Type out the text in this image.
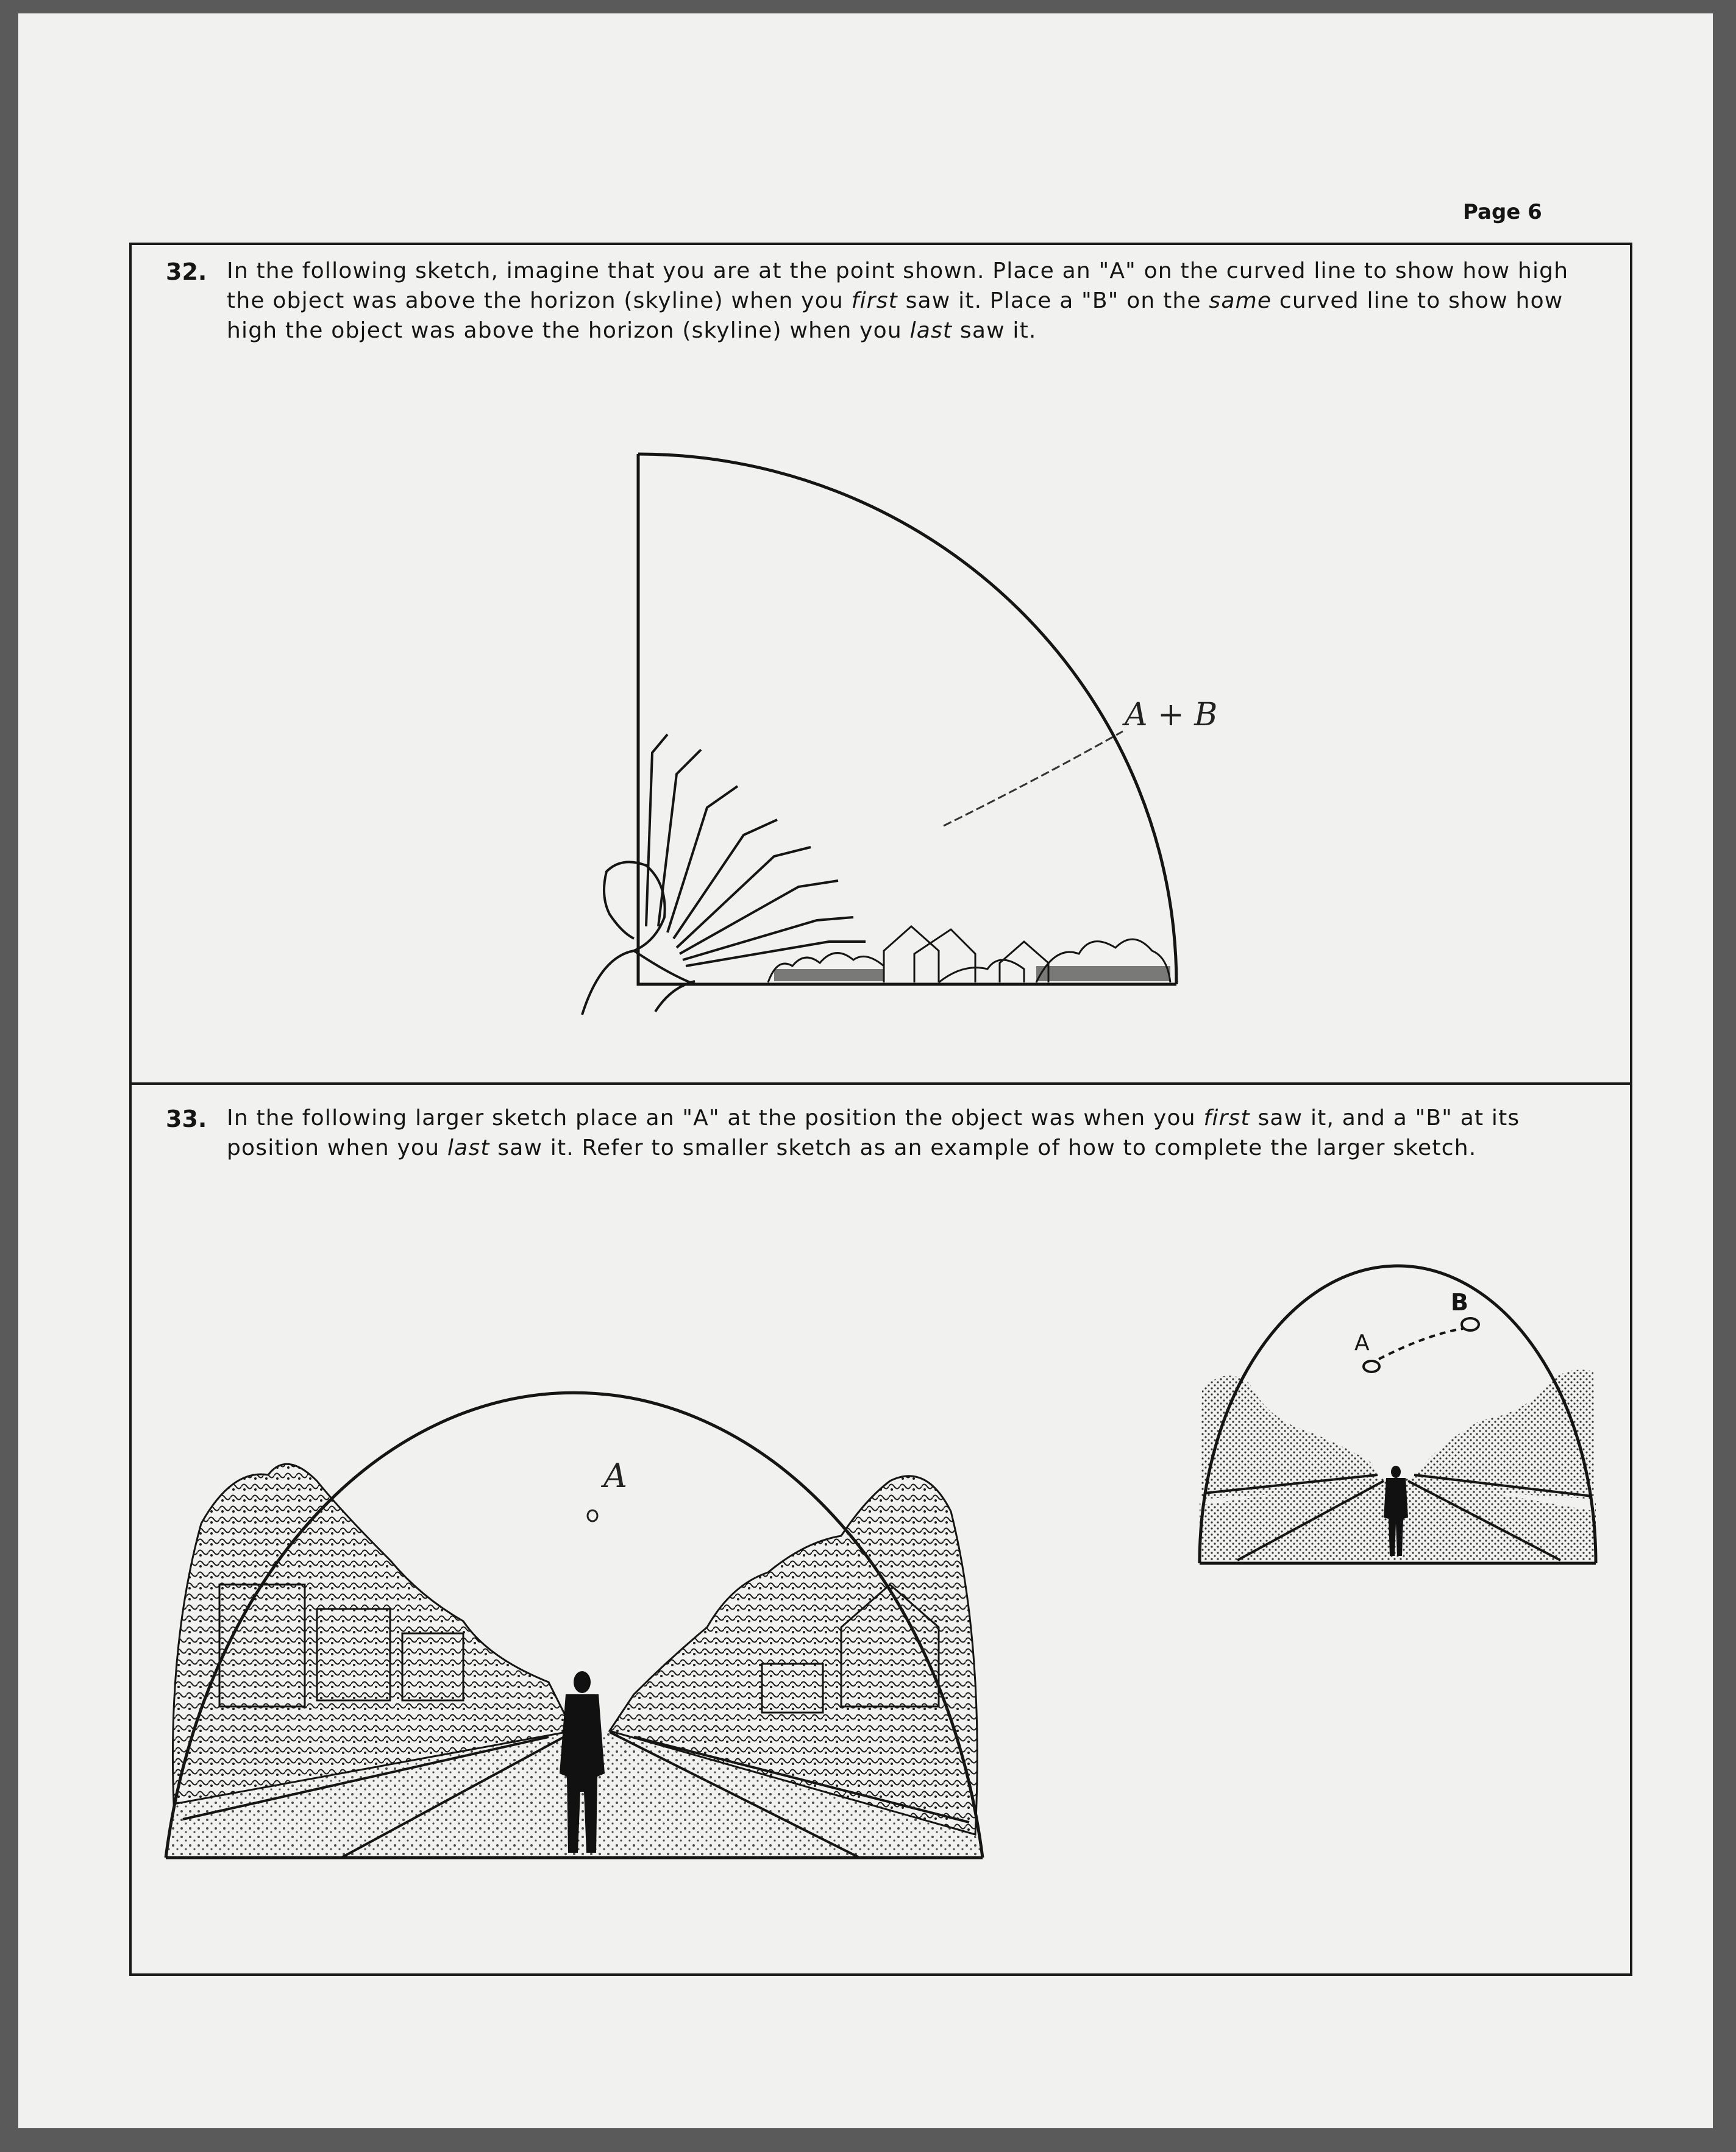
Page 6
32. In the following sketch, imagine that you are at the point shown. Place an "A" on the curved line to show how high the object was above the horizon (skyline) when you first saw it. Place a "B" on the same curved line to show how high the object was above the horizon (skyline) when you last saw it.

A + B
33. In the following larger sketch place an "A" at the position the object was when you first saw it, and a "B" at its position when you last saw it. Refer to smaller sketch as an example of how to complete the larger sketch.

A
A
B
